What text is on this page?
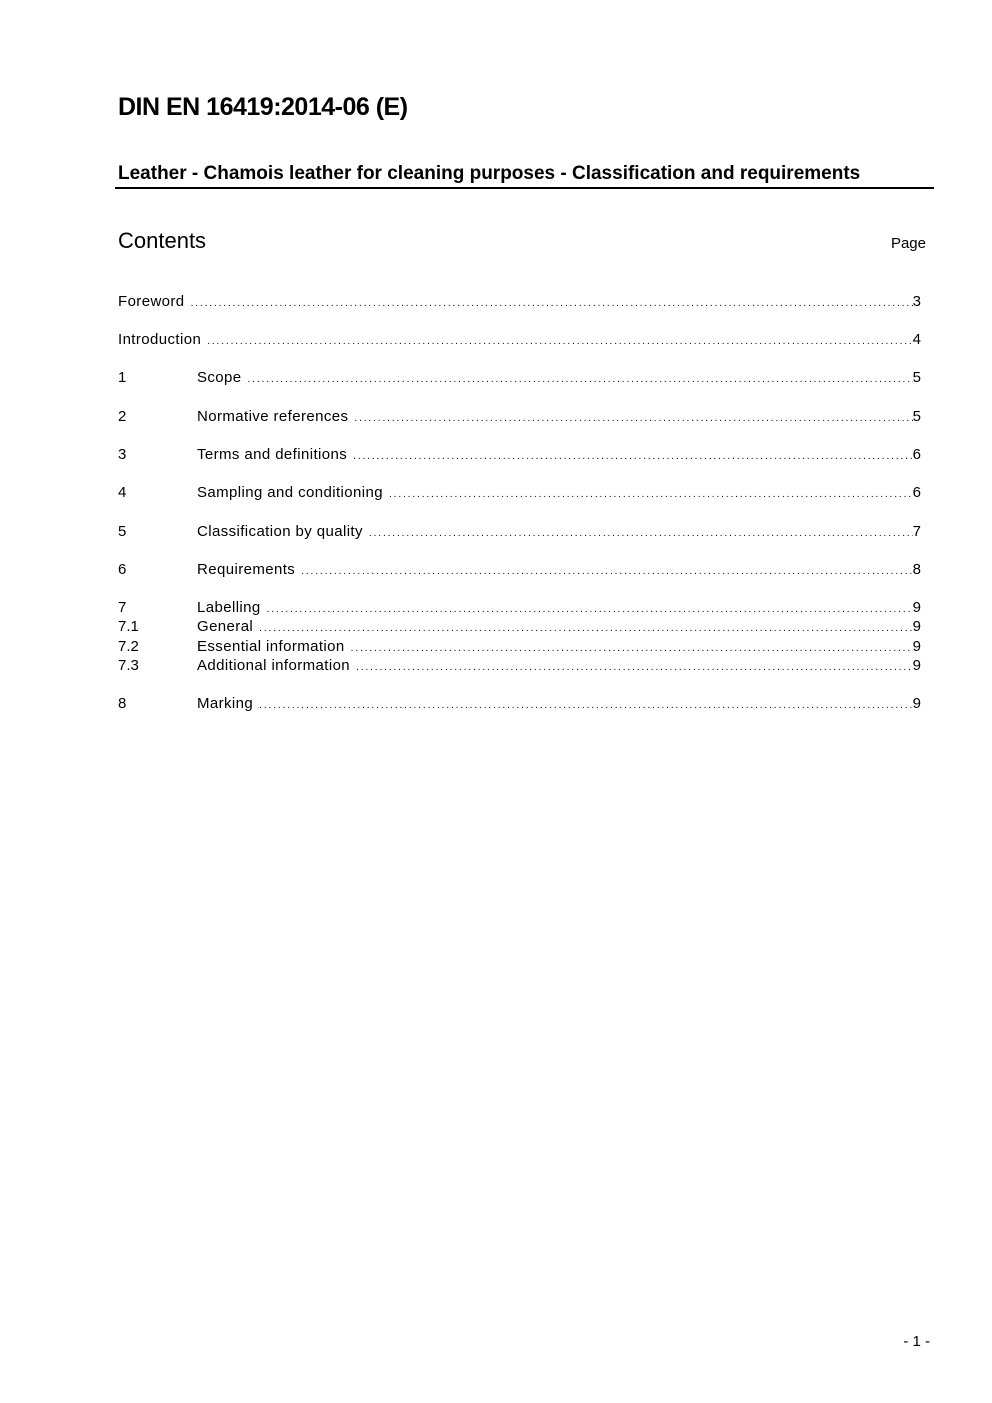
DIN EN 16419:2014-06 (E)
Leather - Chamois leather for cleaning purposes - Classification and requirements
Contents	Page
Foreword .....	3
Introduction .....	4
1	Scope .....	5
2	Normative references .....	5
3	Terms and definitions .....	6
4	Sampling and conditioning .....	6
5	Classification by quality .....	7
6	Requirements .....	8
7	Labelling .....	9
7.1	General .....	9
7.2	Essential information .....	9
7.3	Additional information .....	9
8	Marking .....	9
- 1 -
